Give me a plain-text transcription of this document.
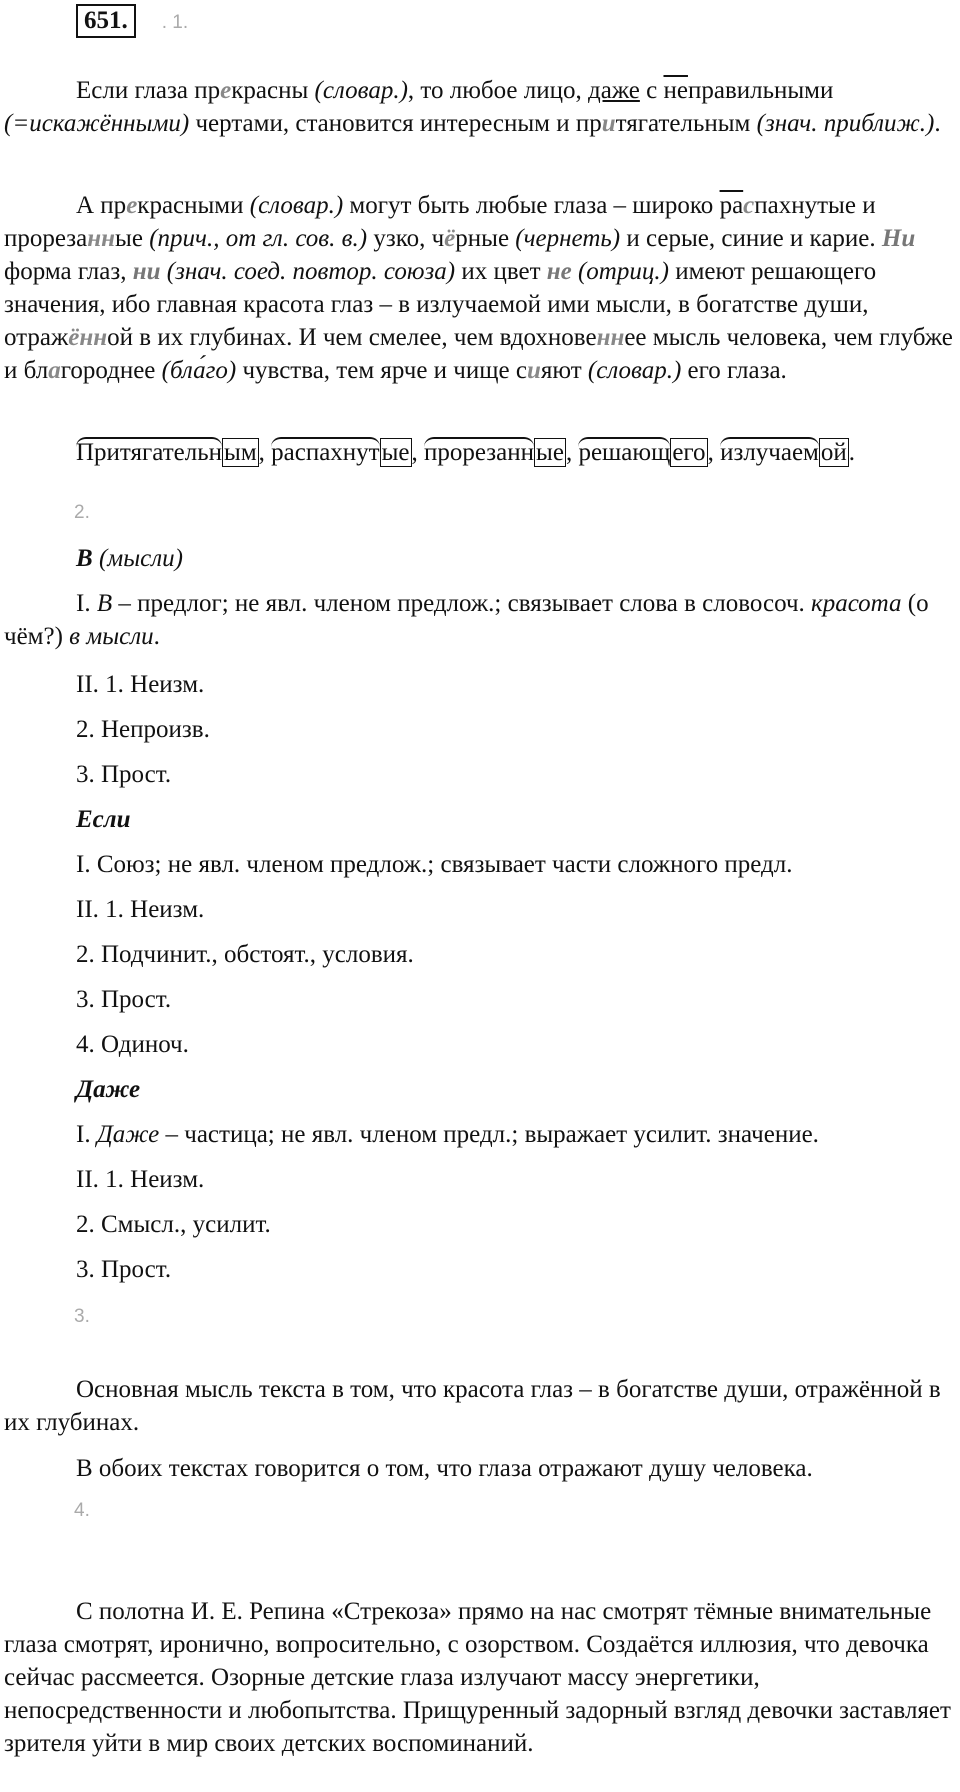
651. . 1.

Если глаза прекрасны (словар.), то любое лицо, даже с неправильными (=искажёнными) чертами, становится интересным и притягательным (знач. приближ.).

А прекрасными (словар.) могут быть любые глаза – широко распахнутые и прорезанные (прич., от гл. сов. в.) узко, чёрные (чернеть) и серые, синие и карие. Ни форма глаз, ни (знач. соед. повтор. союза) их цвет не (отриц.) имеют решающего значения, ибо главная красота глаз – в излучаемой ими мысли, в богатстве души, отражённой в их глубинах. И чем смелее, чем вдохновеннее мысль человека, чем глубже и благороднее (бла́го) чувства, тем ярче и чище сияют (словар.) его глаза.

Притягательным, распахнутые, прорезанные, решающего, излучаемой.

2.

В (мысли)

I. В – предлог; не явл. членом предлож.; связывает слова в словосоч. красота (о чём?) в мысли.

II. 1. Неизм.

2. Непроизв.

3. Прост.

Если

I. Союз; не явл. членом предлож.; связывает части сложного предл.

II. 1. Неизм.

2. Подчинит., обстоят., условия.

3. Прост.

4. Одиноч.

Даже

I. Даже – частица; не явл. членом предл.; выражает усилит. значение.

II. 1. Неизм.

2. Смысл., усилит.

3. Прост.

3.

Основная мысль текста в том, что красота глаз – в богатстве души, отражённой в их глубинах.

В обоих текстах говорится о том, что глаза отражают душу человека.

4.

С полотна И. Е. Репина «Стрекоза» прямо на нас смотрят тёмные внимательные глаза смотрят, иронично, вопросительно, с озорством. Создаётся иллюзия, что девочка сейчас рассмеется. Озорные детские глаза излучают массу энергетики, непосредственности и любопытства. Прищуренный задорный взгляд девочки заставляет зрителя уйти в мир своих детских воспоминаний.
